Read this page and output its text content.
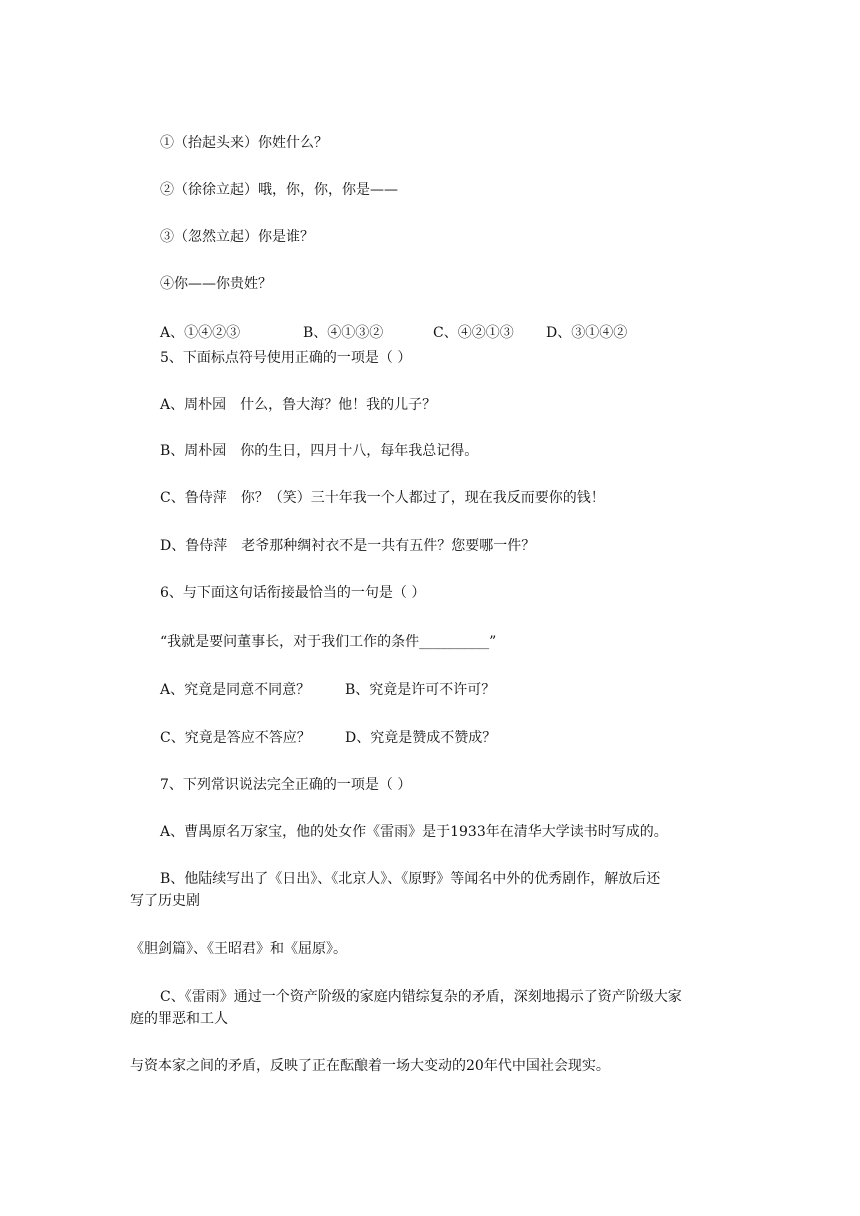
①（抬起头来）你姓什么？
②（徐徐立起）哦，你，你，你是——
③（忽然立起）你是谁？
④你——你贵姓？
A、①④②③	B、④①③②	C、④②①③ D、③①④②
5、下面标点符号使用正确的一项是（ ）
A、周朴园　什么，鲁大海？他！我的儿子？
B、周朴园　你的生日，四月十八，每年我总记得。
C、鲁侍萍　你？（笑）三十年我一个人都过了，现在我反而要你的钱！
D、鲁侍萍　老爷那种绸衬衣不是一共有五件？您要哪一件？
6、与下面这句话衔接最恰当的一句是（ ）
“我就是要问董事长，对于我们工作的条件__________”
A、究竟是同意不同意？ B、究竟是许可不许可？
C、究竟是答应不答应？ D、究竟是赞成不赞成？
7、下列常识说法完全正确的一项是（ ）
A、曹禺原名万家宝，他的处女作《雷雨》是于1933年在清华大学读书时写成的。
B、他陆续写出了《日出》、《北京人》、《原野》等闻名中外的优秀剧作，解放后还
写了历史剧
《胆剑篇》、《王昭君》和《屈原》。
C、《雷雨》通过一个资产阶级的家庭内错综复杂的矛盾，深刻地揭示了资产阶级大家
庭的罪恶和工人
与资本家之间的矛盾，反映了正在酝酿着一场大变动的20年代中国社会现实。
